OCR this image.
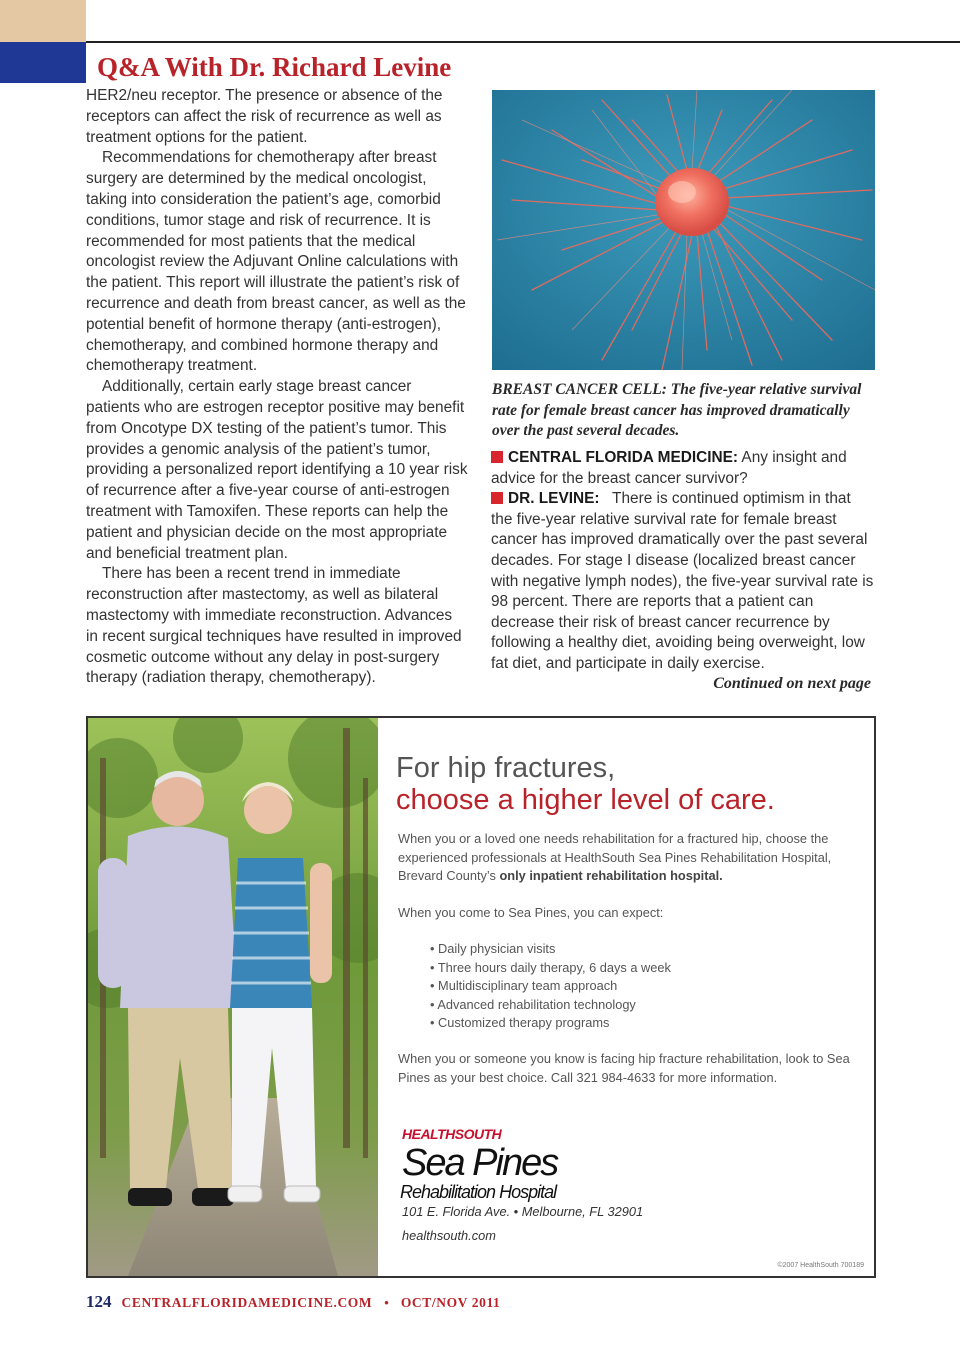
Q&A With Dr. Richard Levine

HER2/neu receptor. The presence or absence of the receptors can affect the risk of recurrence as well as treatment options for the patient.

Recommendations for chemotherapy after breast surgery are determined by the medical oncologist, taking into consideration the patient’s age, comorbid conditions, tumor stage and risk of recurrence. It is recommended for most patients that the medical oncologist review the Adjuvant Online calculations with the patient. This report will illustrate the patient’s risk of recurrence and death from breast cancer, as well as the potential benefit of hormone therapy (anti-estrogen), chemotherapy, and combined hormone therapy and chemotherapy treatment.

Additionally, certain early stage breast cancer patients who are estrogen receptor positive may benefit from Oncotype DX testing of the patient’s tumor. This provides a genomic analysis of the patient’s tumor, providing a personalized report identifying a 10 year risk of recurrence after a five-year course of anti-estrogen treatment with Tamoxifen. These reports can help the patient and physician decide on the most appropriate and beneficial treatment plan.

There has been a recent trend in immediate reconstruction after mastectomy, as well as bilateral mastectomy with immediate reconstruction. Advances in recent surgical techniques have resulted in improved cosmetic outcome without any delay in post-surgery therapy (radiation therapy, chemotherapy).

BREAST CANCER CELL: The five-year relative survival rate for female breast cancer has improved dramatically over the past several decades.

CENTRAL FLORIDA MEDICINE: Any insight and advice for the breast cancer survivor?

DR. LEVINE:   There is continued optimism in that the five-year relative survival rate for female breast cancer has improved dramatically over the past several decades. For stage I disease (localized breast cancer with negative lymph nodes), the five-year survival rate is 98 percent. There are reports that a patient can decrease their risk of breast cancer recurrence by following a healthy diet, avoiding being overweight, low fat diet, and participate in daily exercise.

Continued on next page
For hip fractures,
choose a higher level of care.

When you or a loved one needs rehabilitation for a fractured hip, choose the experienced professionals at HealthSouth Sea Pines Rehabilitation Hospital, Brevard County’s only inpatient rehabilitation hospital.

When you come to Sea Pines, you can expect:

• Daily physician visits
• Three hours daily therapy, 6 days a week
• Multidisciplinary team approach
• Advanced rehabilitation technology
• Customized therapy programs

When you or someone you know is facing hip fracture rehabilitation, look to Sea Pines as your best choice. Call 321 984-4633 for more information.

HEALTHSOUTH
Sea Pines
Rehabilitation Hospital
101 E. Florida Ave. • Melbourne, FL 32901
healthsouth.com
©2007 HealthSouth 700189
124 CENTRALFLORIDAMEDICINE.COM • OCT/NOV 2011
